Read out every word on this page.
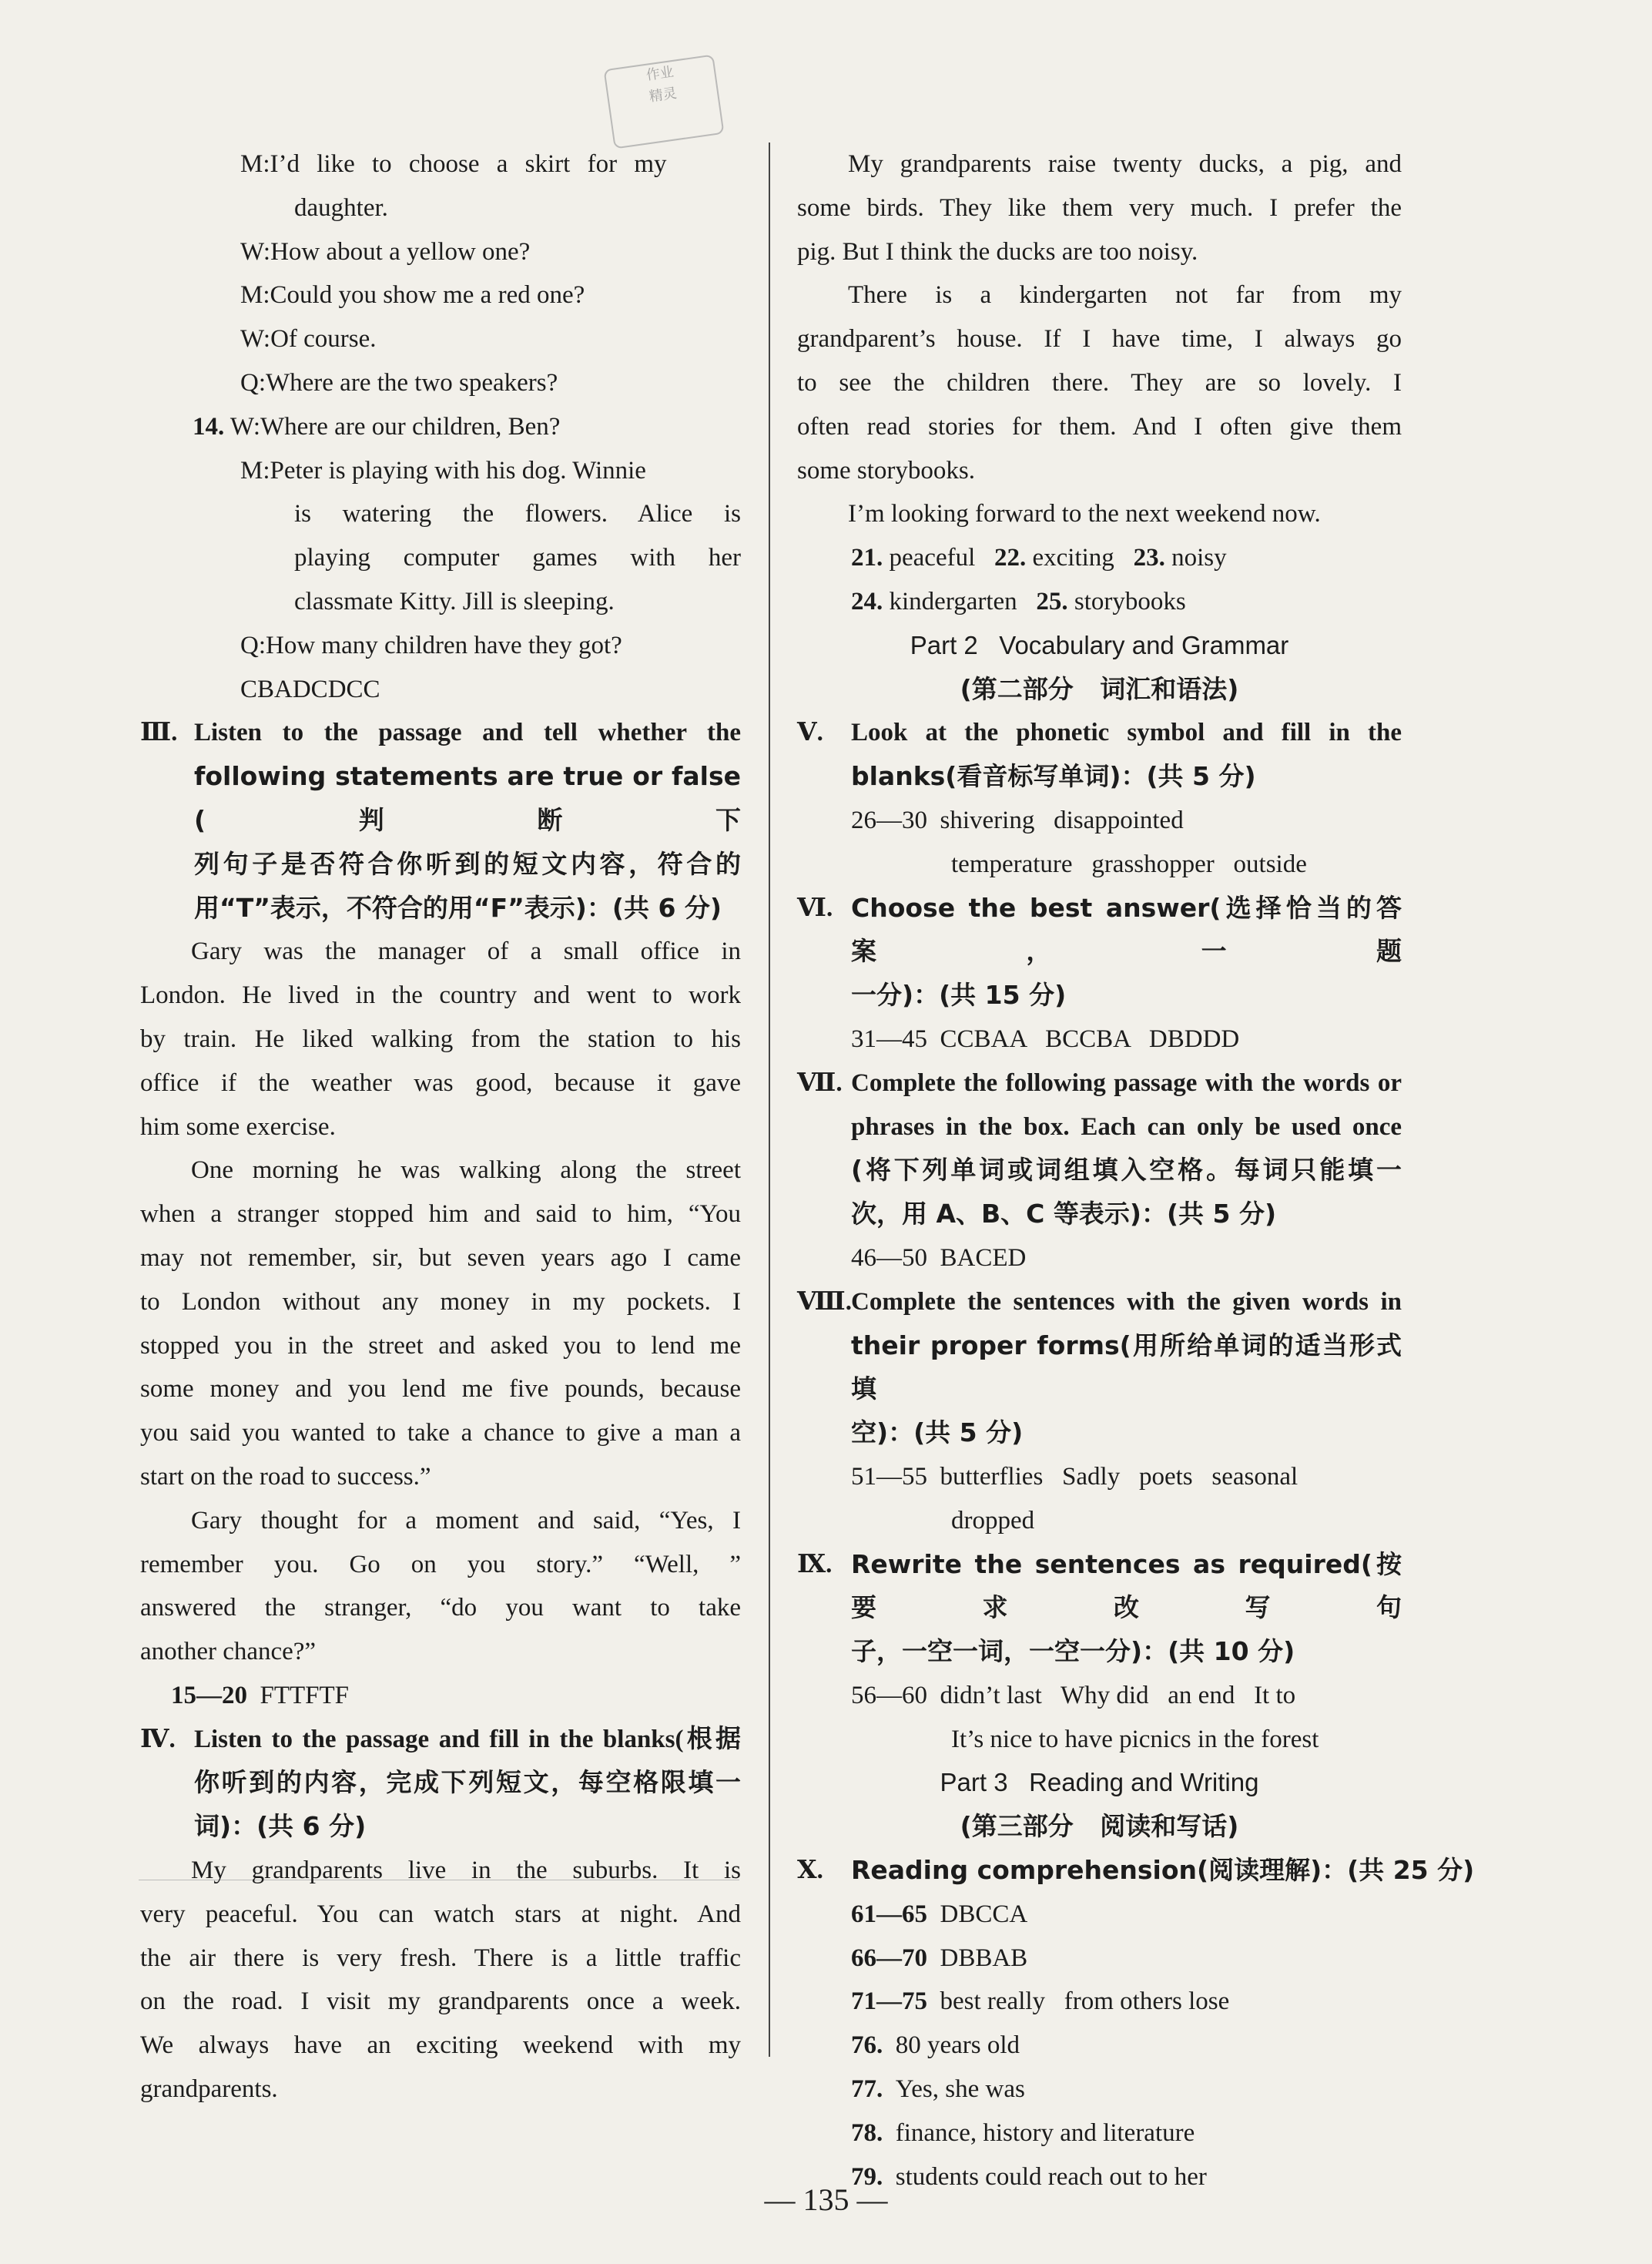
作业
精灵
M:I’d like to choose a skirt for my
daughter.
W:How about a yellow one?
M:Could you show me a red one?
W:Of course.
Q:Where are the two speakers?
14. W:Where are our children, Ben?
M:Peter is playing with his dog. Winnie
is watering the flowers. Alice is
playing computer games with her
classmate Kitty. Jill is sleeping.
Q:How many children have they got?
CBADCDCC
Ⅲ. Listen to the passage and tell whether the
following statements are true or false (判断下
列句子是否符合你听到的短文内容，符合的
用“T”表示，不符合的用“F”表示)：(共 6 分)
Gary was the manager of a small office in
London. He lived in the country and went to work
by train. He liked walking from the station to his
office if the weather was good, because it gave
him some exercise.
One morning he was walking along the street
when a stranger stopped him and said to him, “You
may not remember, sir, but seven years ago I came
to London without any money in my pockets. I
stopped you in the street and asked you to lend me
some money and you lend me five pounds, because
you said you wanted to take a chance to give a man a
start on the road to success.”
Gary thought for a moment and said, “Yes, I
remember you. Go on you story.” “Well, ”
answered the stranger, “do you want to take
another chance?”
15—20 FTTFTF
Ⅳ. Listen to the passage and fill in the blanks(根据
你听到的内容，完成下列短文，每空格限填一
词)：(共 6 分)
My grandparents live in the suburbs. It is
very peaceful. You can watch stars at night. And
the air there is very fresh. There is a little traffic
on the road. I visit my grandparents once a week.
We always have an exciting weekend with my
grandparents.
My grandparents raise twenty ducks, a pig, and
some birds. They like them very much. I prefer the
pig. But I think the ducks are too noisy.
There is a kindergarten not far from my
grandparent’s house. If I have time, I always go
to see the children there. They are so lovely. I
often read stories for them. And I often give them
some storybooks.
I’m looking forward to the next weekend now.
21. peaceful 22. exciting 23. noisy
24. kindergarten 25. storybooks
Part 2   Vocabulary and Grammar
(第二部分   词汇和语法)
Ⅴ.	Look at the phonetic symbol and fill in the
blanks(看音标写单词)：(共 5 分)
26—30 shivering   disappointed
temperature   grasshopper   outside
Ⅵ. Choose the best answer(选择恰当的答案，一题
一分)：(共 15 分)
31—45 CCBAA   BCCBA   DBDDD
Ⅶ. Complete the following passage with the words or
phrases in the box. Each can only be used once
(将下列单词或词组填入空格。每词只能填一
次，用 A、B、C 等表示)：(共 5 分)
46—50 BACED
Ⅷ. Complete the sentences with the given words in
their proper forms(用所给单词的适当形式填
空)：(共 5 分)
51—55 butterflies   Sadly   poets   seasonal
dropped
Ⅸ. Rewrite the sentences as required(按要求改写句
子，一空一词，一空一分)：(共 10 分)
56—60 didn’t last   Why did   an end   It to
It’s nice to have picnics in the forest
Part 3   Reading and Writing
(第三部分   阅读和写话)
Ⅹ.	Reading comprehension(阅读理解)：(共 25 分)
61—65 DBCCA
66—70 DBBAB
71—75 best really   from others lose
76. 80 years old
77. Yes, she was
78. finance, history and literature
79. students could reach out to her
— 135 —
